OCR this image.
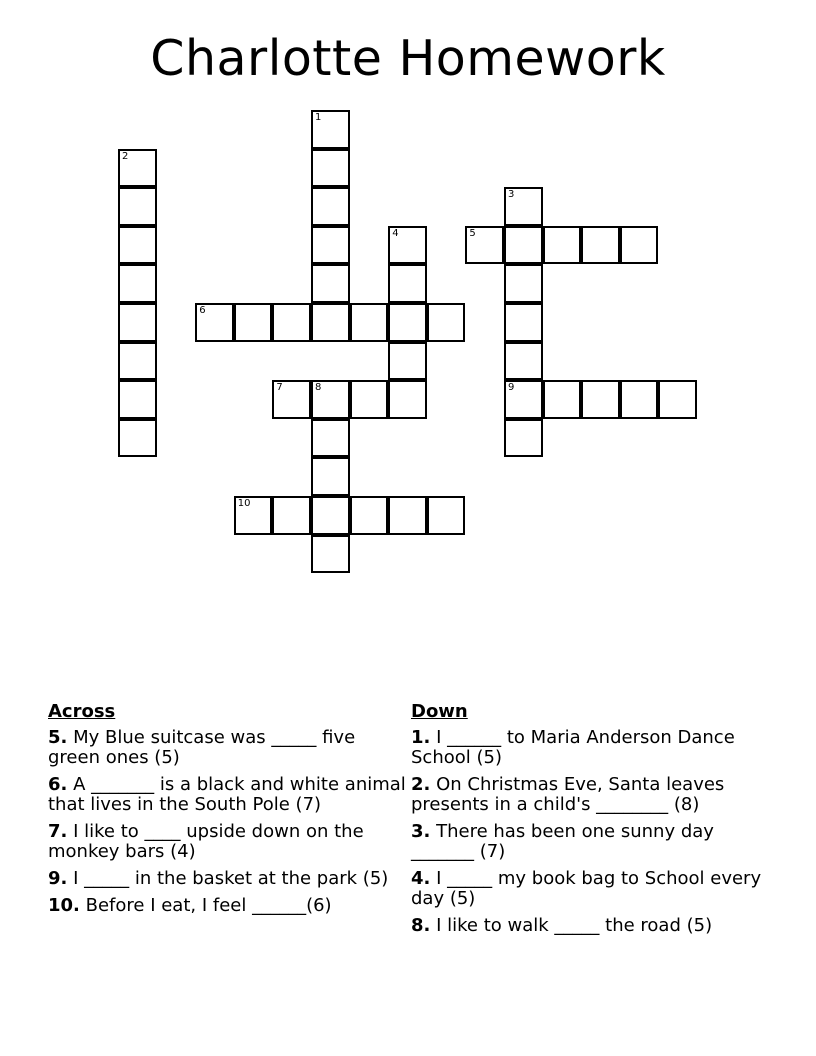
Charlotte Homework
2
1
3
9
4	5
6
7	8
10
Across
5. My Blue suitcase was _____ five green ones (5)
6. A _______ is a black and white animal that lives in the South Pole (7)
7. I like to ____ upside down on the monkey bars (4)
9. I _____ in the basket at the park (5)
10. Before I eat, I feel ______(6)
Down
1. I ______ to Maria Anderson Dance School (5)
2. On Christmas Eve, Santa leaves presents in a child's ________ (8)
3. There has been one sunny day _______ (7)
4. I _____ my book bag to School every day (5)
8. I like to walk _____ the road (5)
